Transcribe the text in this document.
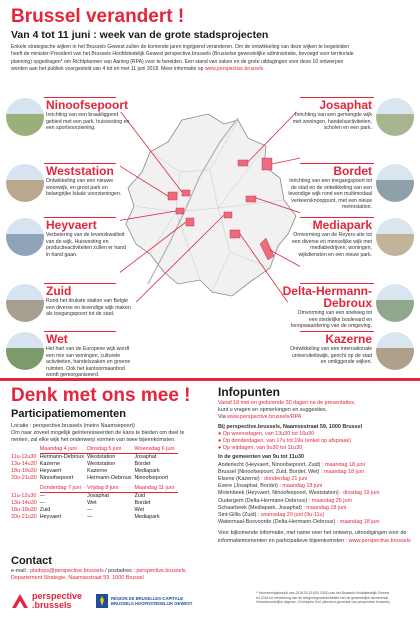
Brussel verandert !
Van 4 tot 11 juni : week van de grote stadsprojecten
Enkele strategische wijken in het Brussels Gewest zullen de komende jaren ingrijpend veranderen. Om de ontwikkeling van deze wijken te begeleiden
heeft de minister-President van het Brussels Hoofdstedelijk Gewest perspective.brussels (Brusselse gewestelijke administratie, bevoegd voor territoriale
planning) opgedragen* om Richtplannen van Aanleg (RPA) voor te bereiden. Een stand van zaken en de grote uitdagingen voor deze 10 ontwerpen
worden aan het publiek voorgesteld van 4 tot en met 11 juni 2018. Meer informatie op www.perspective.brussels
Denk met ons mee !
Participatiemomenten
Locatie : perspective.brussels (metro Naamsepoort)
Om naar zoveel mogelijk geïnteresseerden de kans te bieden om deel te
nemen, zal elke wijk het onderwerp vormen van twee bijeenkomsten.
	Maandag 4 juni	Dinsdag 5 juni	Woensdag 6 juni
11u-12u30	Hermann-Debroux	Weststation	Josaphat
13u-14u30	Kazerne	Weststation	Bordet
18u-19u30	Heyvaert	Kazerne	Mediapark
20u-21u30	Ninoofsepoort	Hermann-Debroux	Ninoofsepoort

	Donderdag 7 juni	Vrijdag 8 juni	Maandag 11 juni
11u-12u30	—	Josaphat	Zuid
13u-14u30	—	Wet	Bordet
18u-19u30	Zuid	—	Wet
20u-21u30	Heyvaert	—	Mediapark
Contact
e-mail : pledops@perspective.brussels / postadres : perspective.brussels,
Departement Strategie, Naamsestraat 59, 1000 Brussel
perspective
.brussels
RÉGION DE BRUXELLES-CAPITALE
BRUSSELS HOOFDSTEDELIJK GEWEST
* Verordeningsbesluit van 2018.03.15 (BS 2018) van het Brussels Hoofdstedelijk Gewest
tot 2018 tot verbetering van de wetgevingsadministratie van de gewestelijke uitvoerende
Verantwoordelijke uitgever: Christophe Soil (directeur-generaal van perspective.brussels)
Infopunten
Vanaf 18 mei en gedurende 30 dagen na de presentaties,
kunt u vragen en opmerkingen en suggesties.
Via www.perspective.brussels/RPA
Bij perspective.brussels, Naamsestraat 59, 1000 Brussel
● Op woensdagen, van 13u30 tot 16u30
● Op donderdagen, van 17u tot 19u (enkel op afspraak)
● Op vrijdagen, van 9u30 tot 11u30
In de gemeenten van 9u tot 11u30
Anderlecht (Heyvaert, Ninoofsepoort, Zuid) : maandag 18 juni
Brussel (Ninoofsepoort, Zuid, Bordet, Wet) : maandag 18 juni
Elsene (Kazerne) : donderdag 21 juni
Evere (Josaphat, Bordet) : maandag 18 juni
Molenbeek (Heyvaert, Ninoofsepoort, Weststation) : dinsdag 19 juni
Oudergem (Delta-Hermann-Debroux) : maandag 25 juni
Schaarbeek (Mediapark, Josaphat) : maandag 18 juni
Sint-Gillis (Zuid) : woensdag 20 juni (9u-11u)
Watermaal-Bosvoorde (Delta-Hermann-Debroux) : maandag 18 juni
Voor bijkomende informatie, met name over het ontwerp, uitnodigingen voor de
informatiemomenten en participatieve bijeenkomsten : www.perspective.brussels
Ninoofsepoort
Inrichting van een braakliggend
gebied met een park, huisvesting en
een sportvoorziening.
Weststation
Ontwikkeling van een nieuwe
woonwijk, en groot park en
belangrijke lokale voorzieningen.
Heyvaert
Verbetering van de levenskwaliteit
van de wijk. Huisvesting en
productieactiviteiten zullen er hand
in hand gaan.
Zuid
Rond het drukste station van België
een diverse en levendige wijk maken
als toegangspoort tot de stad.
Wet
Het hart van de Europese wijk wordt
een mix van woningen, culturele
activiteiten, handelszaken en groene
ruimten. Ook het kantoormaanbod
wordt gereorganiseerd.
Josaphat
Inrichting van een gemengde wijk
met woningen, handelsactiviteiten,
scholen en een park.
Bordet
Inrichting van een toegangspoort tot
de stad en de ontwikkeling van een
levendige wijk rond een multimodaal
verkeersknooppunt, met een nieuw
metrostation.
Mediapark
Omvorming van de Reyers-site tot
een diverse en menselijke wijk met
mediabedrijven, woningen,
wijkdiensten en een nieuw park.
Delta-Hermann-
Debroux
Omvorming van een snelweg tot
een stedelijke boulevard en
heropwaardering van de omgeving.
Kazerne
Ontwikkeling van een internationale
universiteitswijk, gericht op de stad
en omliggende wijken.
